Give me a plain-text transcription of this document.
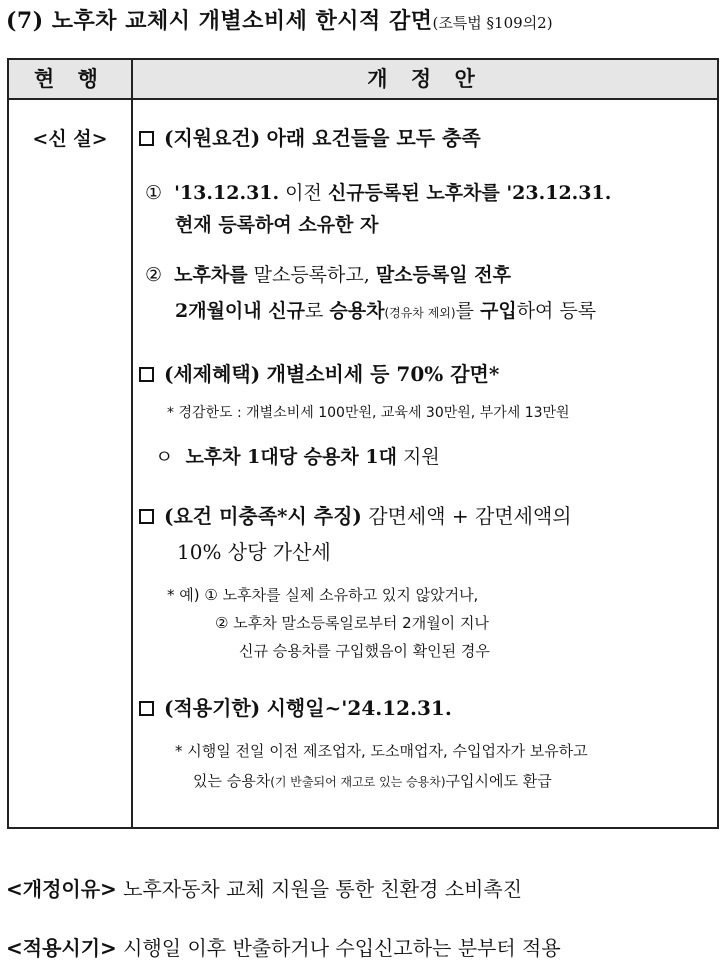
(7) 노후차 교체시 개별소비세 한시적 감면(조특법 §109의2)
현 행	개 정 안
<신 설>	(지원요건) 아래 요건들을 모두 충족
① '13.12.31. 이전 신규등록된 노후차를 '23.12.31.
현재 등록하여 소유한 자
② 노후차를 말소등록하고, 말소등록일 전후
2개월이내 신규로 승용차(경유차 제외)를 구입하여 등록
(세제혜택) 개별소비세 등 70% 감면*
* 경감한도 : 개별소비세 100만원, 교육세 30만원, 부가세 13만원
ㅇ 노후차 1대당 승용차 1대 지원
(요건 미충족*시 추징) 감면세액 + 감면세액의
10% 상당 가산세
* 예) ① 노후차를 실제 소유하고 있지 않았거나,
② 노후차 말소등록일로부터 2개월이 지나
신규 승용차를 구입했음이 확인된 경우
(적용기한) 시행일~'24.12.31.
* 시행일 전일 이전 제조업자, 도소매업자, 수입업자가 보유하고
있는 승용차(기 반출되어 재고로 있는 승용차)구입시에도 환급
<개정이유> 노후자동차 교체 지원을 통한 친환경 소비촉진
<적용시기> 시행일 이후 반출하거나 수입신고하는 분부터 적용
